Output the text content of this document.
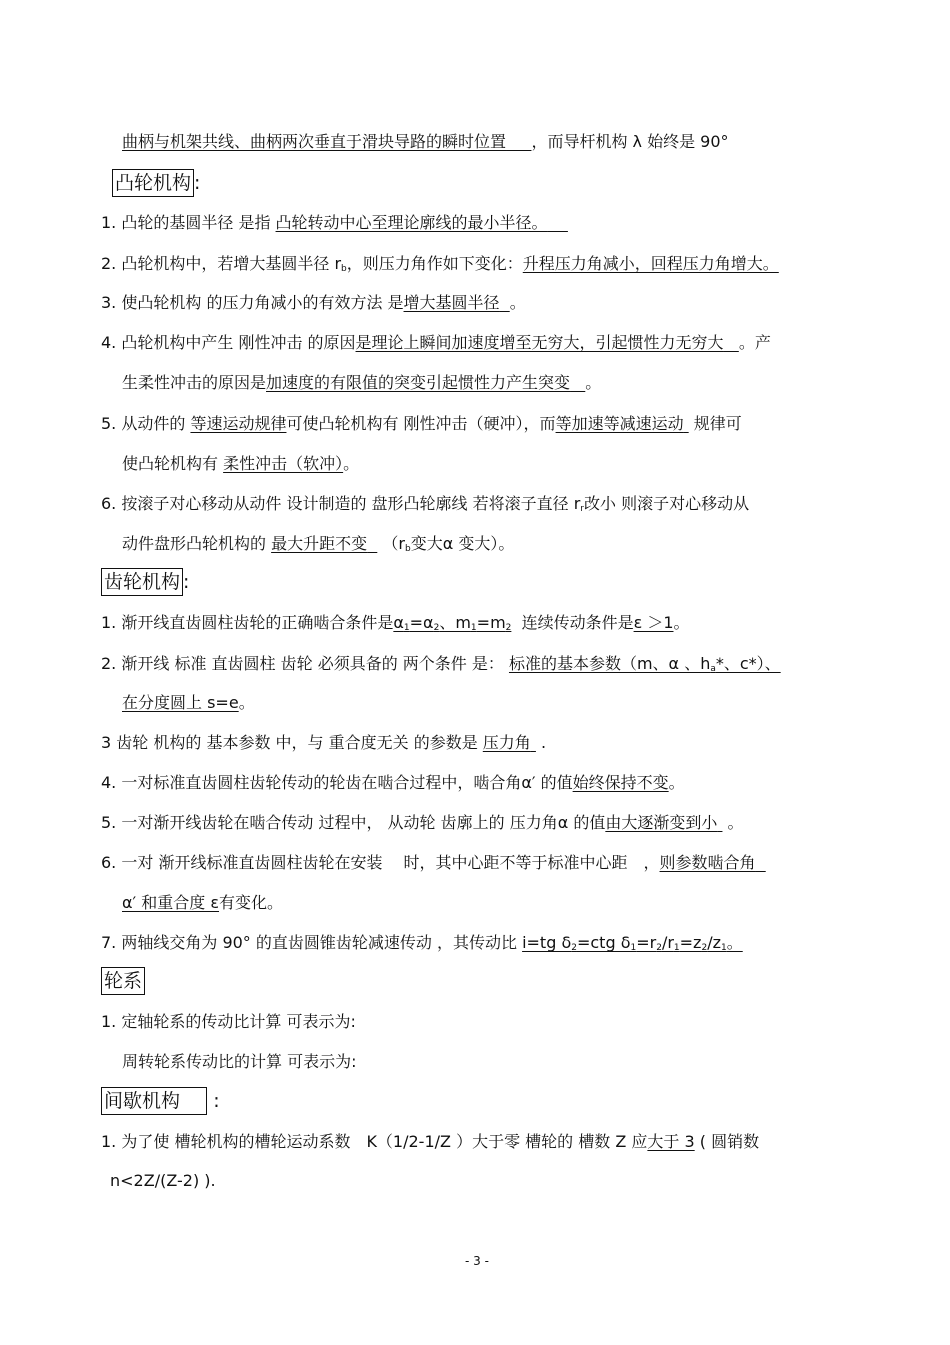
曲柄与机架共线、曲柄两次垂直于滑块导路的瞬时位置 ，而导杆机构 λ 始终是 90°
凸轮机构 :
1. 凸轮的基圆半径 是指 凸轮转动中心至理论廓线的最小半径。
2. 凸轮机构中，若增大基圆半径 $r_b$，则压力角作如下变化：升程压力角减小，回程压力角增大。
3. 使凸轮机构 的压力角减小的有效方法 是增大基圆半径 。
4. 凸轮机构中产生 刚性冲击 的原因是理论上瞬间加速度增至无穷大，引起惯性力无穷大 。产
生柔性冲击的原因是加速度的有限值的突变引起惯性力产生突变 。
5. 从动件的 等速运动规律可使凸轮机构有 刚性冲击（硬冲），而等加速等减速运动 规律可
使凸轮机构有 柔性冲击（软冲）。
6. 按滚子对心移动从动件 设计制造的 盘形凸轮廓线 若将滚子直径 $r_r$改小 则滚子对心移动从
动件盘形凸轮机构的 最大升距不变 （$r_b$变大α 变大）。
齿轮机构 :
1. 渐开线直齿圆柱齿轮的正确啮合条件是$\alpha_1=\alpha_2$、$m_1=m_2$ 连续传动条件是ε ＞1。
2. 渐开线 标准 直齿圆柱 齿轮 必须具备的 两个条件 是： 标准的基本参数（m、α 、$h_a*$、c*）、
在分度圆上 s=e。
3 齿轮 机构的 基本参数 中，与 重合度无关 的参数是 压力角 .
4. 一对标准直齿圆柱齿轮传动的轮齿在啮合过程中，啮合角α′ 的值始终保持不变。
5. 一对渐开线齿轮在啮合传动 过程中， 从动轮 齿廓上的 压力角α 的值由大逐渐变到小 。
6. 一对 渐开线标准直齿圆柱齿轮在安装　 时，其中心距不等于标准中心距　，则参数啮合角
α′ 和重合度 ε有变化。
7. 两轴线交角为 90° 的直齿圆锥齿轮减速传动 ，其传动比 i=tg $\delta_2=ctg$ $\delta_1=r_2/r_1=z_2/z_1$。
轮系
1. 定轴轮系的传动比计算 可表示为:
周转轮系传动比的计算 可表示为:
间歇机构 :
1. 为了使 槽轮机构的槽轮运动系数　K（1/2-1/Z ）大于零 槽轮的 槽数 Z 应大于 3 ( 圆销数
n<2Z/(Z-2) ).
- 3 -
